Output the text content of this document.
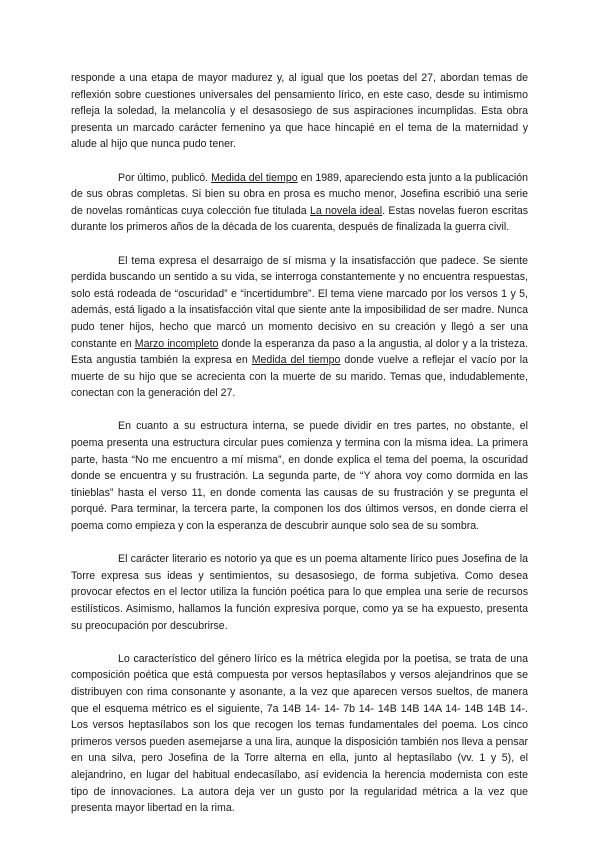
responde a una etapa de mayor madurez y, al igual que los poetas del 27, abordan temas de reflexión sobre cuestiones universales del pensamiento lírico, en este caso, desde su intimismo refleja la soledad, la melancolía y el desasosiego de sus aspiraciones incumplidas. Esta obra presenta un marcado carácter femenino ya que hace hincapié en el tema de la maternidad y alude al hijo que nunca pudo tener.

Por último, publicó. Medida del tiempo en 1989, apareciendo esta junto a la publicación de sus obras completas. Si bien su obra en prosa es mucho menor, Josefina escribió una serie de novelas románticas cuya colección fue titulada La novela ideal. Estas novelas fueron escritas durante los primeros años de la década de los cuarenta, después de finalizada la guerra civil.

El tema expresa el desarraigo de sí misma y la insatisfacción que padece. Se siente perdida buscando un sentido a su vida, se interroga constantemente y no encuentra respuestas, solo está rodeada de “oscuridad” e “incertidumbre”. El tema viene marcado por los versos 1 y 5, además, está ligado a la insatisfacción vital que siente ante la imposibilidad de ser madre. Nunca pudo tener hijos, hecho que marcó un momento decisivo en su creación y llegó a ser una constante en Marzo incompleto donde la esperanza da paso a la angustia, al dolor y a la tristeza. Esta angustia también la expresa en Medida del tiempo donde vuelve a reflejar el vacío por la muerte de su hijo que se acrecienta con la muerte de su marido. Temas que, indudablemente, conectan con la generación del 27.

En cuanto a su estructura interna, se puede dividir en tres partes, no obstante, el poema presenta una estructura circular pues comienza y termina con la misma idea. La primera parte, hasta “No me encuentro a mí misma”, en donde explica el tema del poema, la oscuridad donde se encuentra y su frustración. La segunda parte, de “Y ahora voy como dormida en las tinieblas” hasta el verso 11, en donde comenta las causas de su frustración y se pregunta el porqué. Para terminar, la tercera parte, la componen los dos últimos versos, en donde cierra el poema como empieza y con la esperanza de descubrir aunque solo sea de su sombra.

El carácter literario es notorio ya que es un poema altamente lírico pues Josefina de la Torre expresa sus ideas y sentimientos, su desasosiego, de forma subjetiva. Como desea provocar efectos en el lector utiliza la función poética para lo que emplea una serie de recursos estilísticos. Asimismo, hallamos la función expresiva porque, como ya se ha expuesto, presenta su preocupación por descubrirse.

Lo característico del género lírico es la métrica elegida por la poetisa, se trata de una composición poética que está compuesta por versos heptasílabos y versos alejandrinos que se distribuyen con rima consonante y asonante, a la vez que aparecen versos sueltos, de manera que el esquema métrico es el siguiente, 7a 14B 14- 14- 7b 14- 14B 14B 14A 14- 14B 14B 14-. Los versos heptasílabos son los que recogen los temas fundamentales del poema. Los cinco primeros versos pueden asemejarse a una lira, aunque la disposición también nos lleva a pensar en una silva, pero Josefina de la Torre alterna en ella, junto al heptasílabo (vv. 1 y 5), el alejandrino, en lugar del habitual endecasílabo, así evidencia la herencia modernista con este tipo de innovaciones. La autora deja ver un gusto por la regularidad métrica a la vez que presenta mayor libertad en la rima.
